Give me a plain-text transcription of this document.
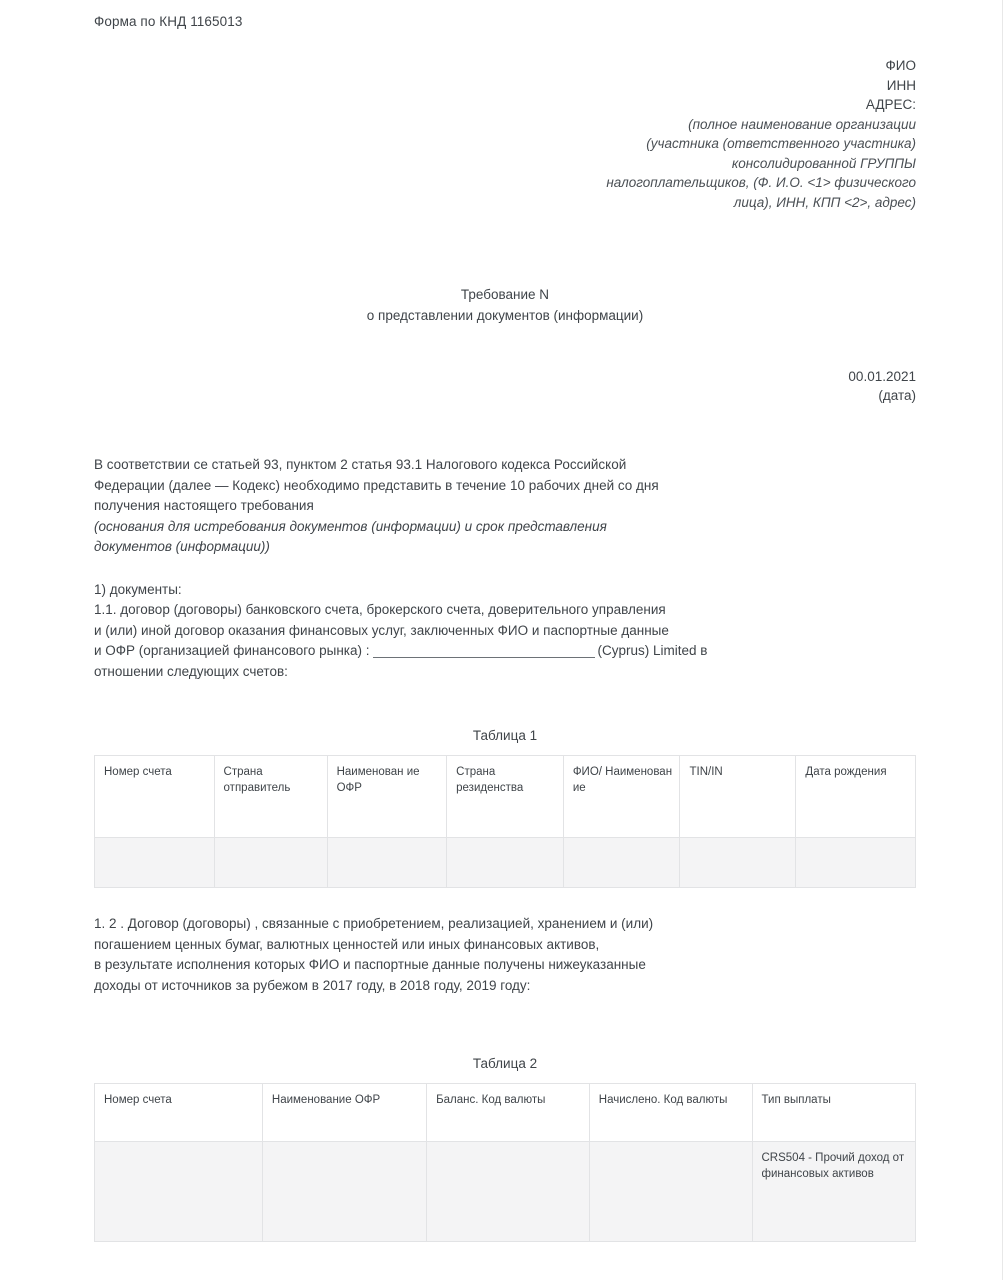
Форма по КНД 1165013
ФИО
ИНН
АДРЕС:
(полное наименование организации
(участника (ответственного участника)
консолидированной ГРУППЫ
налогоплательщиков, (Ф. И.О. <1> физического
лица), ИНН, КПП <2>, адрес)
Требование N
о представлении документов (информации)
00.01.2021
(дата)
В соответствии се статьей 93, пунктом 2 статья 93.1 Налогового кодекса Российской
Федерации (далее — Кодекс) необходимо представить в течение 10 рабочих дней со дня
получения настоящего требования
(основания для истребования документов (информации) и срок представления
документов (информации))
1) документы:
1.1. договор (договоры) банковского счета, брокерского счета, доверительного управления
и (или) иной договор оказания финансовых услуг, заключенных ФИО и паспортные данные
и ОФР (организацией финансового рынка) :	(Cyprus) Limited в
отношении следующих счетов:
Таблица 1
Номер счета	Страна отправитель	Наименован ие ОФР	Страна резиденства	ФИО/ Наименован ие	TIN/IN	Дата рождения

1. 2 . Договор (договоры) , связанные с приобретением, реализацией, хранением и (или)
погашением ценных бумаг, валютных ценностей или иных финансовых активов,
в результате исполнения которых ФИО и паспортные данные получены нижеуказанные
доходы от источников за рубежом в 2017 году, в 2018 году, 2019 году:
Таблица 2
Номер счета	Наименование ОФР	Баланс. Код валюты	Начислено. Код валюты	Тип выплаты
				CRS504 - Прочий доход от финансовых активов
